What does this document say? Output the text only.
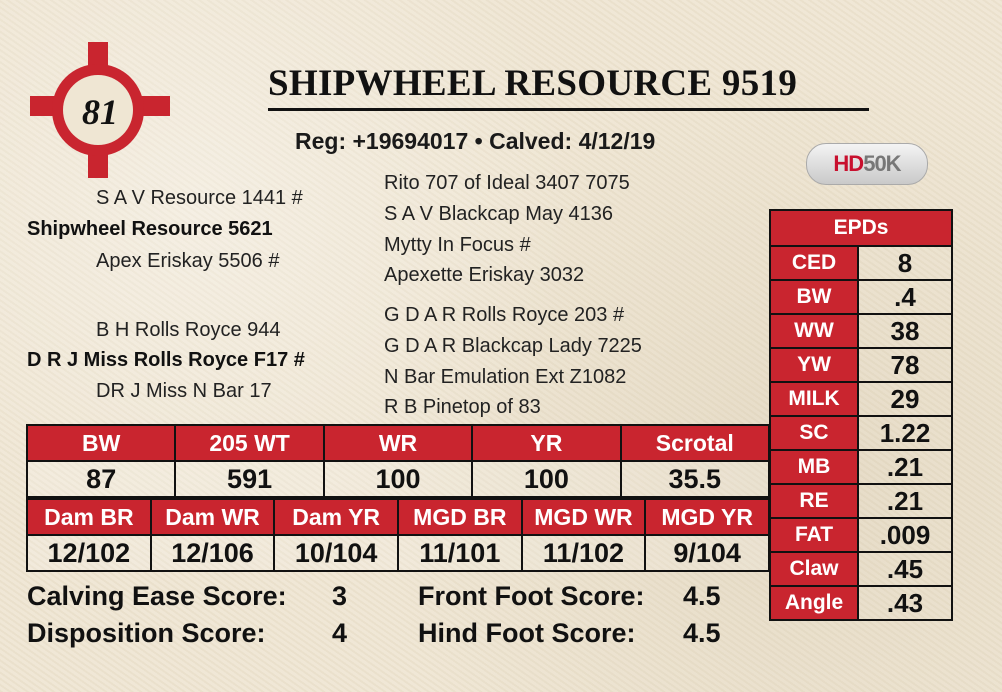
81
SHIPWHEEL RESOURCE 9519
Reg: +19694017 • Calved: 4/12/19
HD 50K
S A V Resource 1441 #
Shipwheel Resource 5621
Apex Eriskay 5506 #
Rito 707 of Ideal 3407 7075
S A V Blackcap May 4136
Mytty In Focus #
Apexette Eriskay 3032
B H Rolls Royce 944
D R J Miss Rolls Royce F17 #
DR J Miss N Bar 17
G D A R Rolls Royce 203 #
G D A R Blackcap Lady 7225
N Bar Emulation Ext Z1082
R B Pinetop of 83
BW	205 WT	WR	YR	Scrotal
87	591	100	100	35.5
Dam BR	Dam WR	Dam YR	MGD BR	MGD WR	MGD YR
12/102	12/106	10/104	11/101	11/102	9/104
EPDs	
CED	8
BW	.4
WW	38
YW	78
MILK	29
SC	1.22
MB	.21
RE	.21
FAT	.009
Claw	.45
Angle	.43
Calving Ease Score: 3
Disposition Score: 4
Front Foot Score: 4.5
Hind Foot Score: 4.5
